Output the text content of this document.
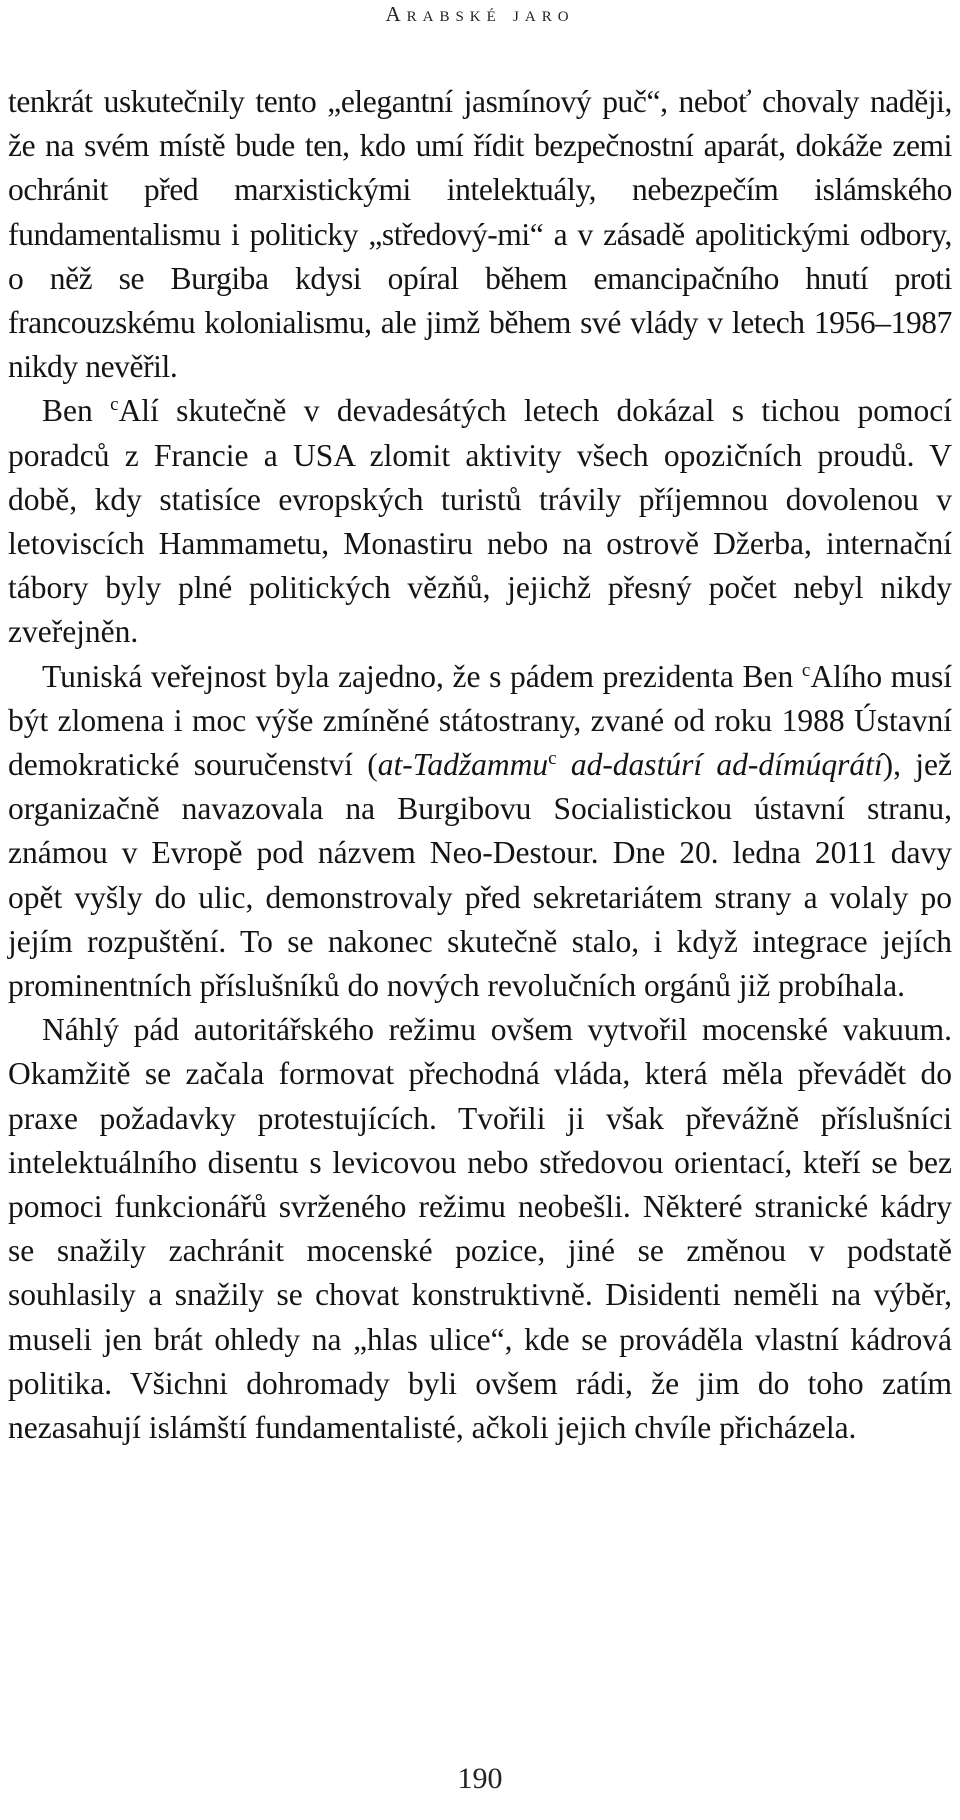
Arabské jaro

tenkrát uskutečnily tento „elegantní jasmínový puč“, neboť chovaly naději, že na svém místě bude ten, kdo umí řídit bezpečnostní aparát, dokáže zemi ochránit před marxistickými intelektuály, nebezpečím islámského fundamentalismu i politicky „středový-mi“ a v zásadě apolitickými odbory, o něž se Burgiba kdysi opíral během emancipačního hnutí proti francouzskému kolonialismu, ale jimž během své vlády v letech 1956–1987 nikdy nevěřil.

Ben $^c$Alí skutečně v devadesátých letech dokázal s tichou pomocí poradců z Francie a USA zlomit aktivity všech opozičních proudů. V době, kdy statisíce evropských turistů trávily příjemnou dovolenou v letoviscích Hammametu, Monastiru nebo na ostrově Džerba, internační tábory byly plné politických vězňů, jejichž přesný počet nebyl nikdy zveřejněn.

Tuniská veřejnost byla zajedno, že s pádem prezidenta Ben $^c$Alího musí být zlomena i moc výše zmíněné státostrany, zvané od roku 1988 Ústavní demokratické souručenství (at-Tadžammu$^c$ ad-dastúrí ad-dímúqrátí), jež organizačně navazovala na Burgibovu Socialistickou ústavní stranu, známou v Evropě pod názvem Neo-Destour. Dne 20. ledna 2011 davy opět vyšly do ulic, demonstrovaly před sekretariátem strany a volaly po jejím rozpuštění. To se nakonec skutečně stalo, i když integrace jejích prominentních příslušníků do nových revolučních orgánů již probíhala.

Náhlý pád autoritářského režimu ovšem vytvořil mocenské vakuum. Okamžitě se začala formovat přechodná vláda, která měla převádět do praxe požadavky protestujících. Tvořili ji však převážně příslušníci intelektuálního disentu s levicovou nebo středovou orientací, kteří se bez pomoci funkcionářů svrženého režimu neobešli. Některé stranické kádry se snažily zachránit mocenské pozice, jiné se změnou v podstatě souhlasily a snažily se chovat konstruktivně. Disidenti neměli na výběr, museli jen brát ohledy na „hlas ulice“, kde se prováděla vlastní kádrová politika. Všichni dohromady byli ovšem rádi, že jim do toho zatím nezasahují islámští fundamentalisté, ačkoli jejich chvíle přicházela.

190
